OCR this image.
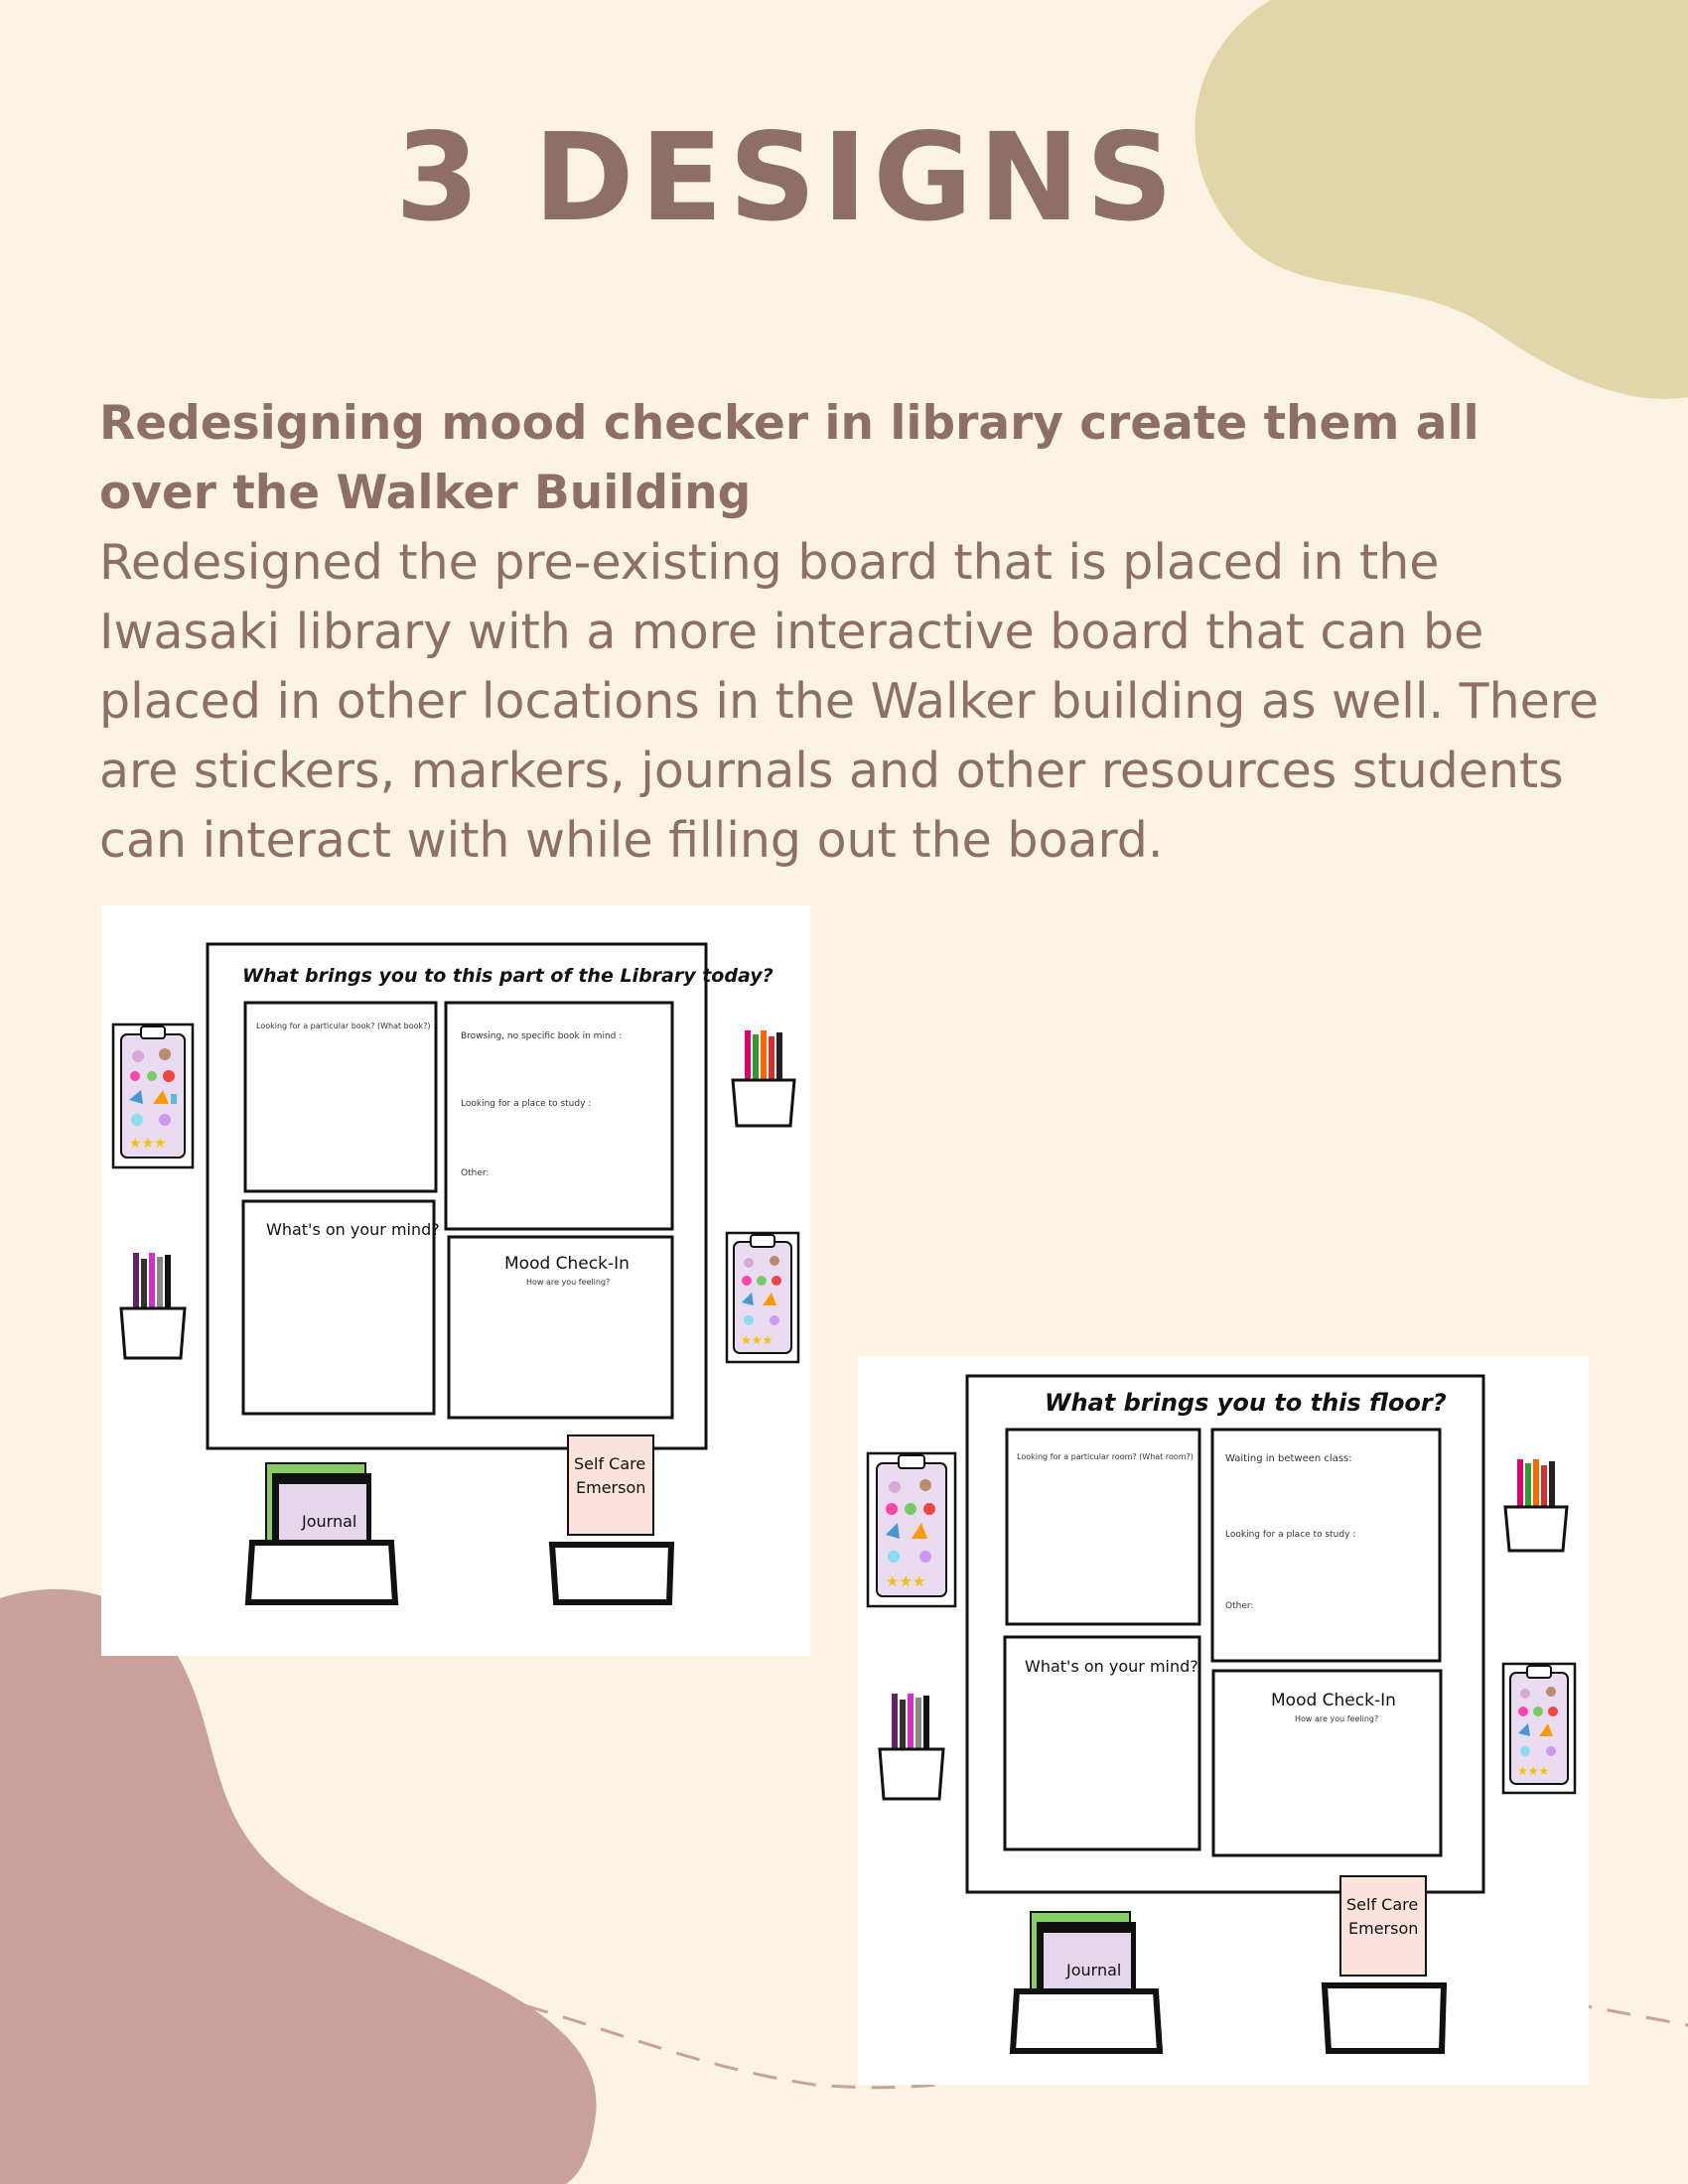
3 DESIGNS

Redesigning mood checker in library create them all over the Walker Building

Redesigned the pre-existing board that is placed in the Iwasaki library with a more interactive board that can be placed in other locations in the Walker building as well. There are stickers, markers, journals and other resources students can interact with while filling out the board.

What brings you to this part of the Library today?
Looking for a particular book? (What book?)
Browsing, no specific book in mind :
Looking for a place to study :
Other:
What's on your mind?
Mood Check-In
How are you feeling?
★★★
★★★
Journal
Self Care
Emerson
What brings you to this floor?
Looking for a particular room? (What room?)	Waiting in between class:
Looking for a place to study :
Other:
What's on your mind?
Mood Check-In
How are you feeling?
★★★
★★★
Journal
Self Care
Emerson
